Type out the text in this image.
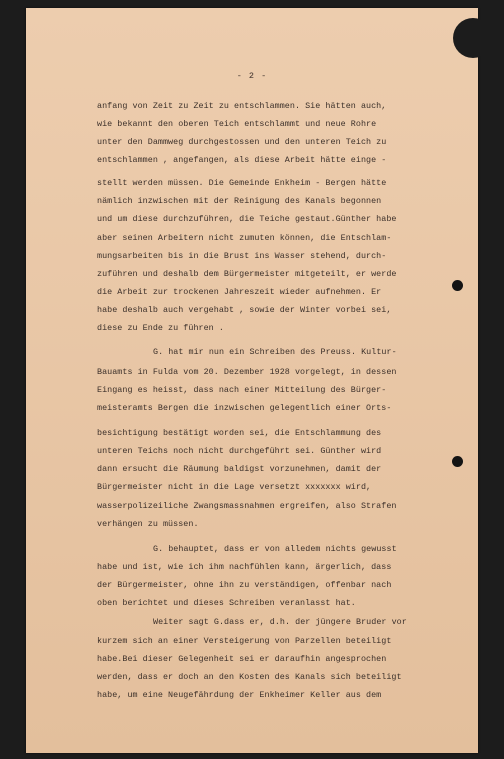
- 2 -
anfang von Zeit zu Zeit zu entschlammen. Sie hätten auch,
wie bekannt den oberen Teich entschlammt und neue Rohre
unter den Dammweg durchgestossen und den unteren Teich zu
entschlammen , angefangen, als diese Arbeit hätte einge -
stellt werden müssen. Die Gemeinde Enkheim - Bergen hätte
nämlich inzwischen mit der Reinigung des Kanals begonnen
und um diese durchzuführen, die Teiche gestaut.Günther habe
aber seinen Arbeitern nicht zumuten können, die Entschlam-
mungsarbeiten bis in die Brust ins Wasser stehend, durch-
zuführen und deshalb dem Bürgermeister mitgeteilt, er werde
die Arbeit zur trockenen Jahreszeit wieder aufnehmen. Er
habe deshalb auch vergehabt , sowie der Winter vorbei sei,
diese zu Ende zu führen .
G. hat mir nun ein Schreiben des Preuss. Kultur-
Bauamts in Fulda vom 20. Dezember 1928 vorgelegt, in dessen
Eingang es heisst, dass nach einer Mitteilung des Bürger-
meisteramts Bergen die inzwischen gelegentlich einer Orts-
besichtigung bestätigt worden sei, die Entschlammung des
unteren Teichs noch nicht durchgeführt sei. Günther wird
dann ersucht die Räumung baldigst vorzunehmen, damit der
Bürgermeister nicht in die Lage versetzt xxxxxxx wird,
wasserpolizeiliche Zwangsmassnahmen ergreifen, also Strafen
verhängen zu müssen.
G. behauptet, dass er von alledem nichts gewusst
habe und ist, wie ich ihm nachfühlen kann, ärgerlich, dass
der Bürgermeister, ohne ihn zu verständigen, offenbar nach
oben berichtet und dieses Schreiben veranlasst hat.
Weiter sagt G.dass er, d.h. der jüngere Bruder vor
kurzem sich an einer Versteigerung von Parzellen beteiligt
habe.Bei dieser Gelegenheit sei er daraufhin angesprochen
werden, dass er doch an den Kosten des Kanals sich beteiligt
habe, um eine Neugefährdung der Enkheimer Keller aus dem
